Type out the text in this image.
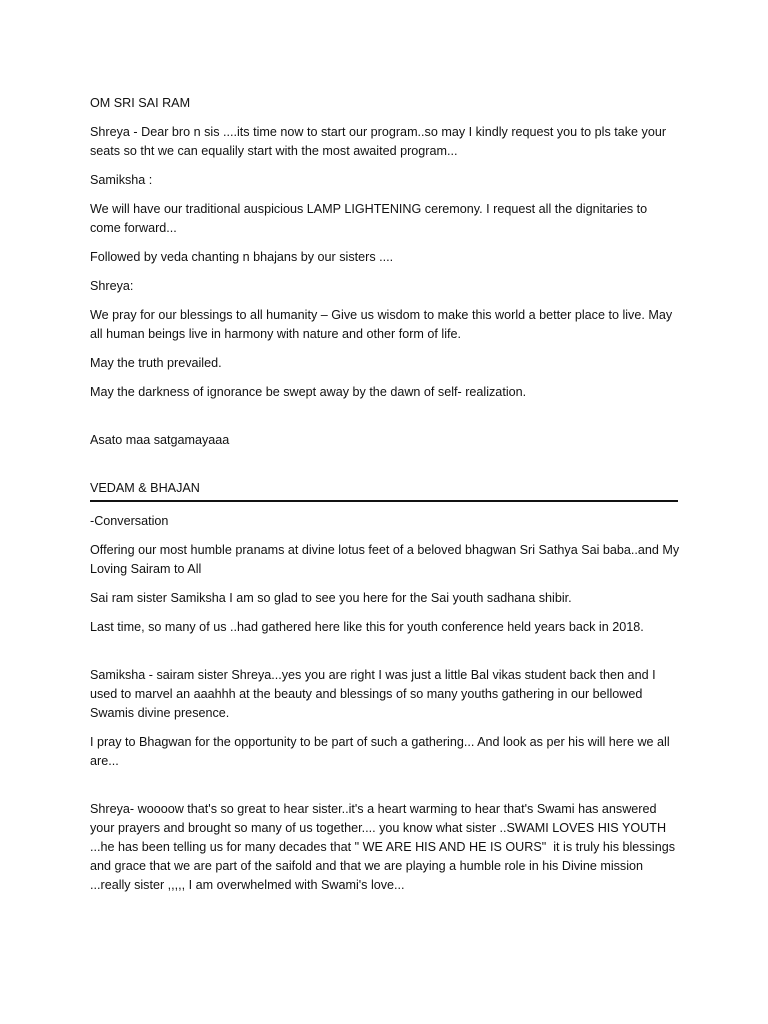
OM SRI SAI RAM

Shreya - Dear bro n sis ....its time now to start our program..so may I kindly request you to pls take your seats so tht we can equalily start with the most awaited program...

Samiksha :

We will have our traditional auspicious LAMP LIGHTENING ceremony. I request all the dignitaries to come forward...

Followed by veda chanting n bhajans by our sisters ....

Shreya:

We pray for our blessings to all humanity – Give us wisdom to make this world a better place to live. May all human beings live in harmony with nature and other form of life.

May the truth prevailed.

May the darkness of ignorance be swept away by the dawn of self- realization.

Asato maa satgamayaaa

VEDAM & BHAJAN

-Conversation

Offering our most humble pranams at divine lotus feet of a beloved bhagwan Sri Sathya Sai baba..and My Loving Sairam to All

Sai ram sister Samiksha I am so glad to see you here for the Sai youth sadhana shibir.

Last time, so many of us ..had gathered here like this for youth conference held years back in 2018.

Samiksha - sairam sister Shreya...yes you are right I was just a little Bal vikas student back then and I used to marvel an aaahhh at the beauty and blessings of so many youths gathering in our bellowed Swamis divine presence.

I pray to Bhagwan for the opportunity to be part of such a gathering... And look as per his will here we all are...

Shreya- woooow that's so great to hear sister..it's a heart warming to hear that's Swami has answered your prayers and brought so many of us together.... you know what sister ..SWAMI LOVES HIS YOUTH ...he has been telling us for many decades that " WE ARE HIS AND HE IS OURS"  it is truly his blessings and grace that we are part of the saifold and that we are playing a humble role in his Divine mission ...really sister ,,,,, I am overwhelmed with Swami's love...
